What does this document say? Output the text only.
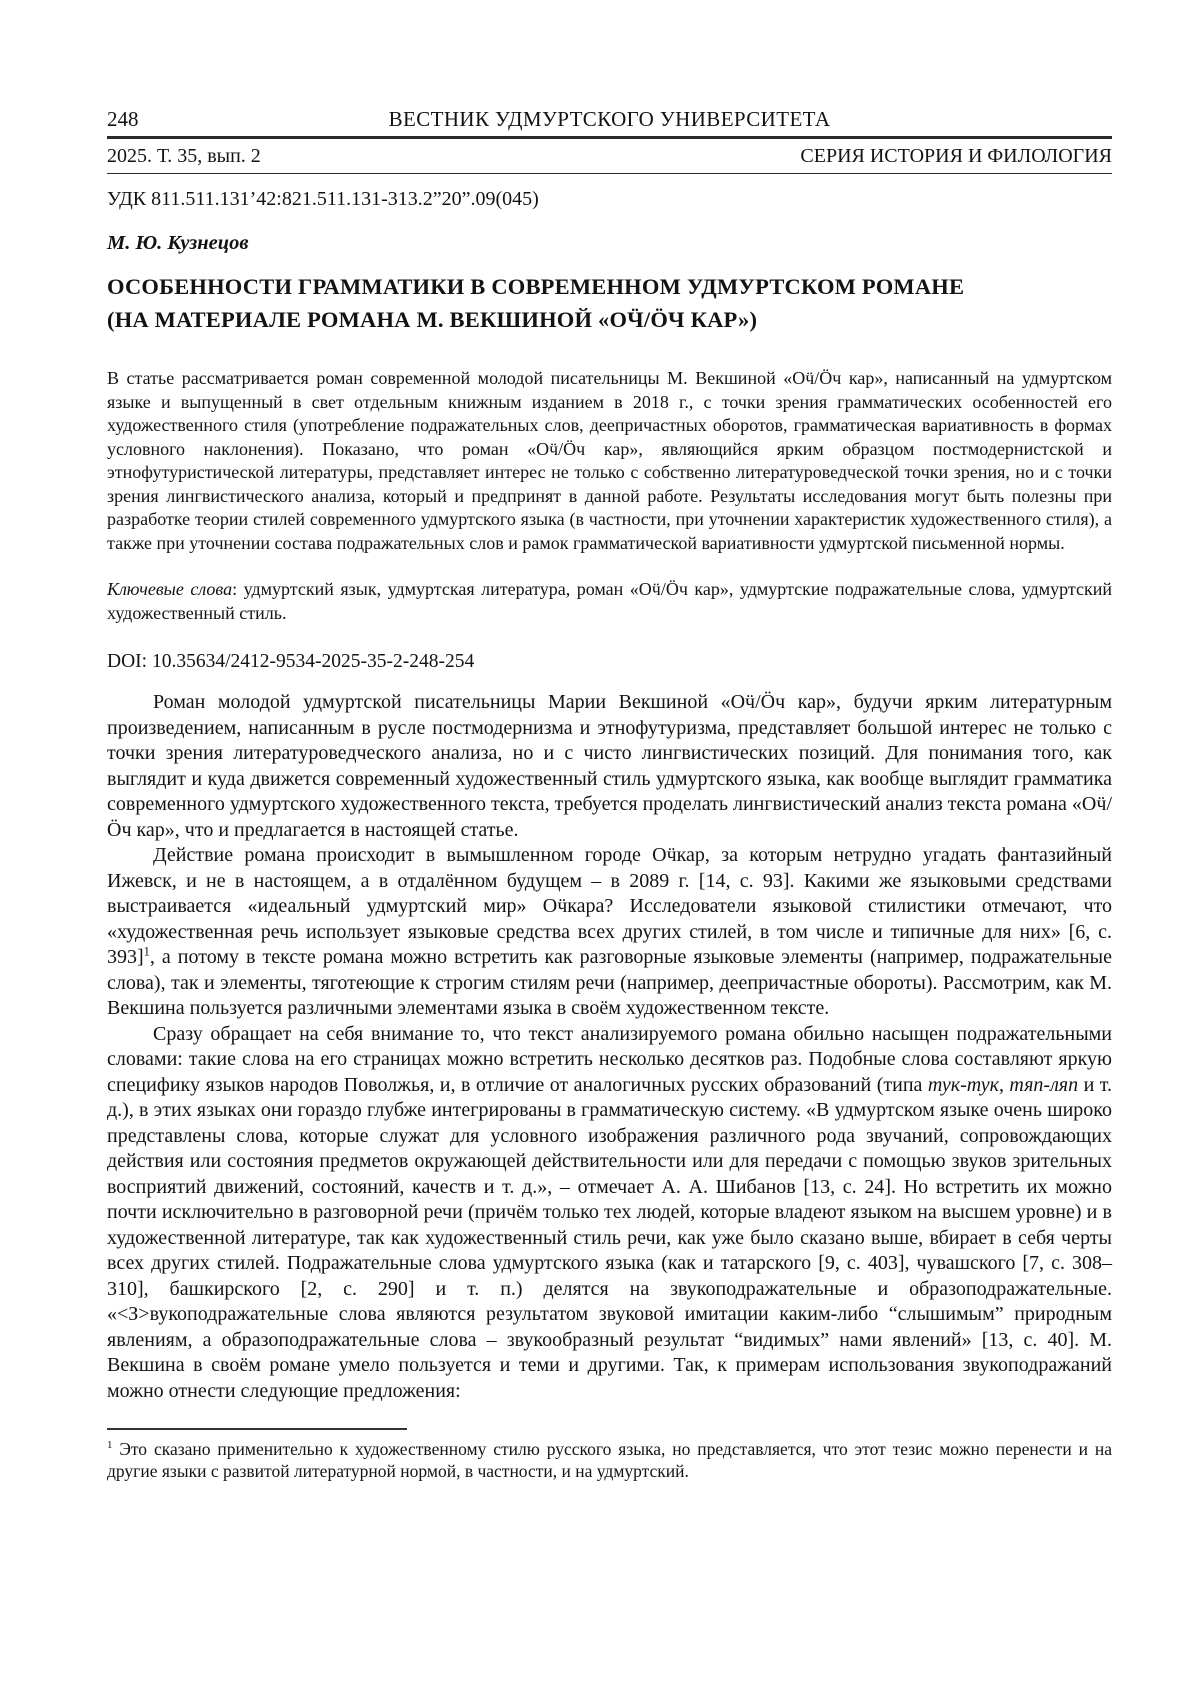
248	ВЕСТНИК УДМУРТСКОГО УНИВЕРСИТЕТА
2025. Т. 35, вып. 2	СЕРИЯ ИСТОРИЯ И ФИЛОЛОГИЯ
УДК 811.511.131’42:821.511.131-313.2”20”.09(045)
М. Ю. Кузнецов
ОСОБЕННОСТИ ГРАММАТИКИ В СОВРЕМЕННОМ УДМУРТСКОМ РОМАНЕ
(НА МАТЕРИАЛЕ РОМАНА М. ВЕКШИНОЙ «ОӴ/ӦЧ КАР»)

В статье рассматривается роман современной молодой писательницы М. Векшиной «Оӵ/Ӧч кар», написанный на удмуртском языке и выпущенный в свет отдельным книжным изданием в 2018 г., с точки зрения грамматических особенностей его художественного стиля (употребление подражательных слов, деепричастных оборотов, грамматическая вариативность в формах условного наклонения). Показано, что роман «Оӵ/Ӧч кар», являющийся ярким образцом постмодернистской и этнофутуристической литературы, представляет интерес не только с собственно литературоведческой точки зрения, но и с точки зрения лингвистического анализа, который и предпринят в данной работе. Результаты исследования могут быть полезны при разработке теории стилей современного удмуртского языка (в частности, при уточнении характеристик художественного стиля), а также при уточнении состава подражательных слов и рамок грамматической вариативности удмуртской письменной нормы.

Ключевые слова: удмуртский язык, удмуртская литература, роман «Оӵ/Ӧч кар», удмуртские подражательные слова, удмуртский художественный стиль.

DOI: 10.35634/2412-9534-2025-35-2-248-254

Роман молодой удмуртской писательницы Марии Векшиной «Оӵ/Ӧч кар», будучи ярким литературным произведением, написанным в русле постмодернизма и этнофутуризма, представляет большой интерес не только с точки зрения литературоведческого анализа, но и с чисто лингвистических позиций. Для понимания того, как выглядит и куда движется современный художественный стиль удмуртского языка, как вообще выглядит грамматика современного удмуртского художественного текста, требуется проделать лингвистический анализ текста романа «Оӵ/Ӧч кар», что и предлагается в настоящей статье.

Действие романа происходит в вымышленном городе Оӵкар, за которым нетрудно угадать фантазийный Ижевск, и не в настоящем, а в отдалённом будущем – в 2089 г. [14, с. 93]. Какими же языковыми средствами выстраивается «идеальный удмуртский мир» Оӵкара? Исследователи языковой стилистики отмечают, что «художественная речь использует языковые средства всех других стилей, в том числе и типичные для них» [6, с. 393]$^1$, а потому в тексте романа можно встретить как разговорные языковые элементы (например, подражательные слова), так и элементы, тяготеющие к строгим стилям речи (например, деепричастные обороты). Рассмотрим, как М. Векшина пользуется различными элементами языка в своём художественном тексте.

Сразу обращает на себя внимание то, что текст анализируемого романа обильно насыщен подражательными словами: такие слова на его страницах можно встретить несколько десятков раз. Подобные слова составляют яркую специфику языков народов Поволжья, и, в отличие от аналогичных русских образований (типа тук-тук, тяп-ляп и т. д.), в этих языках они гораздо глубже интегрированы в грамматическую систему. «В удмуртском языке очень широко представлены слова, которые служат для условного изображения различного рода звучаний, сопровождающих действия или состояния предметов окружающей действительности или для передачи с помощью звуков зрительных восприятий движений, состояний, качеств и т. д.», – отмечает А. А. Шибанов [13, с. 24]. Но встретить их можно почти исключительно в разговорной речи (причём только тех людей, которые владеют языком на высшем уровне) и в художественной литературе, так как художественный стиль речи, как уже было сказано выше, вбирает в себя черты всех других стилей. Подражательные слова удмуртского языка (как и татарского [9, с. 403], чувашского [7, с. 308–310], башкирского [2, с. 290] и т. п.) делятся на звукоподражательные и образоподражательные. «<З>вукоподражательные слова являются результатом звуковой имитации каким-либо “слышимым” природным явлениям, а образоподражательные слова – звукообразный результат “видимых” нами явлений» [13, с. 40]. М. Векшина в своём романе умело пользуется и теми и другими. Так, к примерам использования звукоподражаний можно отнести следующие предложения:

$^1$ Это сказано применительно к художественному стилю русского языка, но представляется, что этот тезис можно перенести и на другие языки с развитой литературной нормой, в частности, и на удмуртский.
